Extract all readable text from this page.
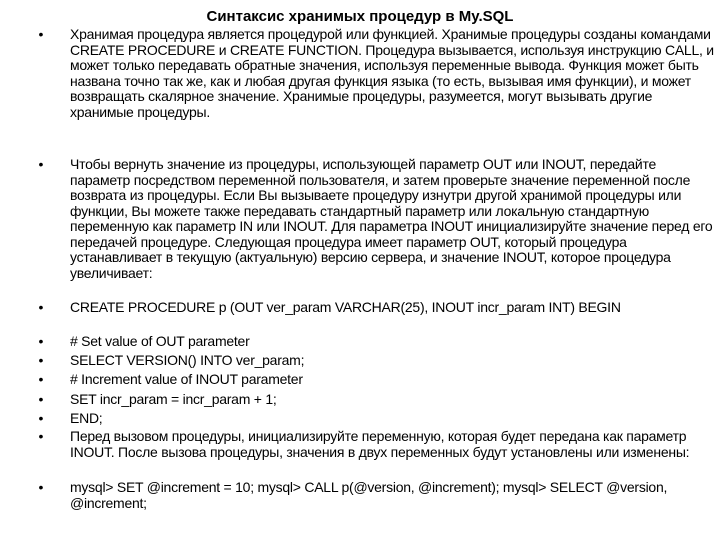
Синтаксис хранимых процедур в My.SQL
• Хранимая процедура является процедурой или функцией. Хранимые процедуры созданы командами CREATE PROCEDURE и CREATE FUNCTION. Процедура вызывается, используя инструкцию CALL, и может только передавать обратные значения, используя переменные вывода. Функция может быть названа точно так же, как и любая другая функция языка (то есть, вызывая имя функции), и может возвращать скалярное значение. Хранимые процедуры, разумеется, могут вызывать другие хранимые процедуры.
• Чтобы вернуть значение из процедуры, использующей параметр OUT или INOUT, передайте параметр посредством переменной пользователя, и затем проверьте значение переменной после возврата из процедуры. Если Вы вызываете процедуру изнутри другой хранимой процедуры или функции, Вы можете также передавать стандартный параметр или локальную стандартную переменную как параметр IN или INOUT. Для параметра INOUT инициализируйте значение перед его передачей процедуре. Следующая процедура имеет параметр OUT, который процедура устанавливает в текущую (актуальную) версию сервера, и значение INOUT, которое процедура увеличивает:
• CREATE PROCEDURE p (OUT ver_param VARCHAR(25), INOUT incr_param INT) BEGIN
• # Set value of OUT parameter
• SELECT VERSION() INTO ver_param;
• # Increment value of INOUT parameter
• SET incr_param = incr_param + 1;
• END;
• Перед вызовом процедуры, инициализируйте переменную, которая будет передана как параметр INOUT. После вызова процедуры, значения в двух переменных будут установлены или изменены:
• mysql> SET @increment = 10; mysql> CALL p(@version, @increment); mysql> SELECT @version, @increment;
